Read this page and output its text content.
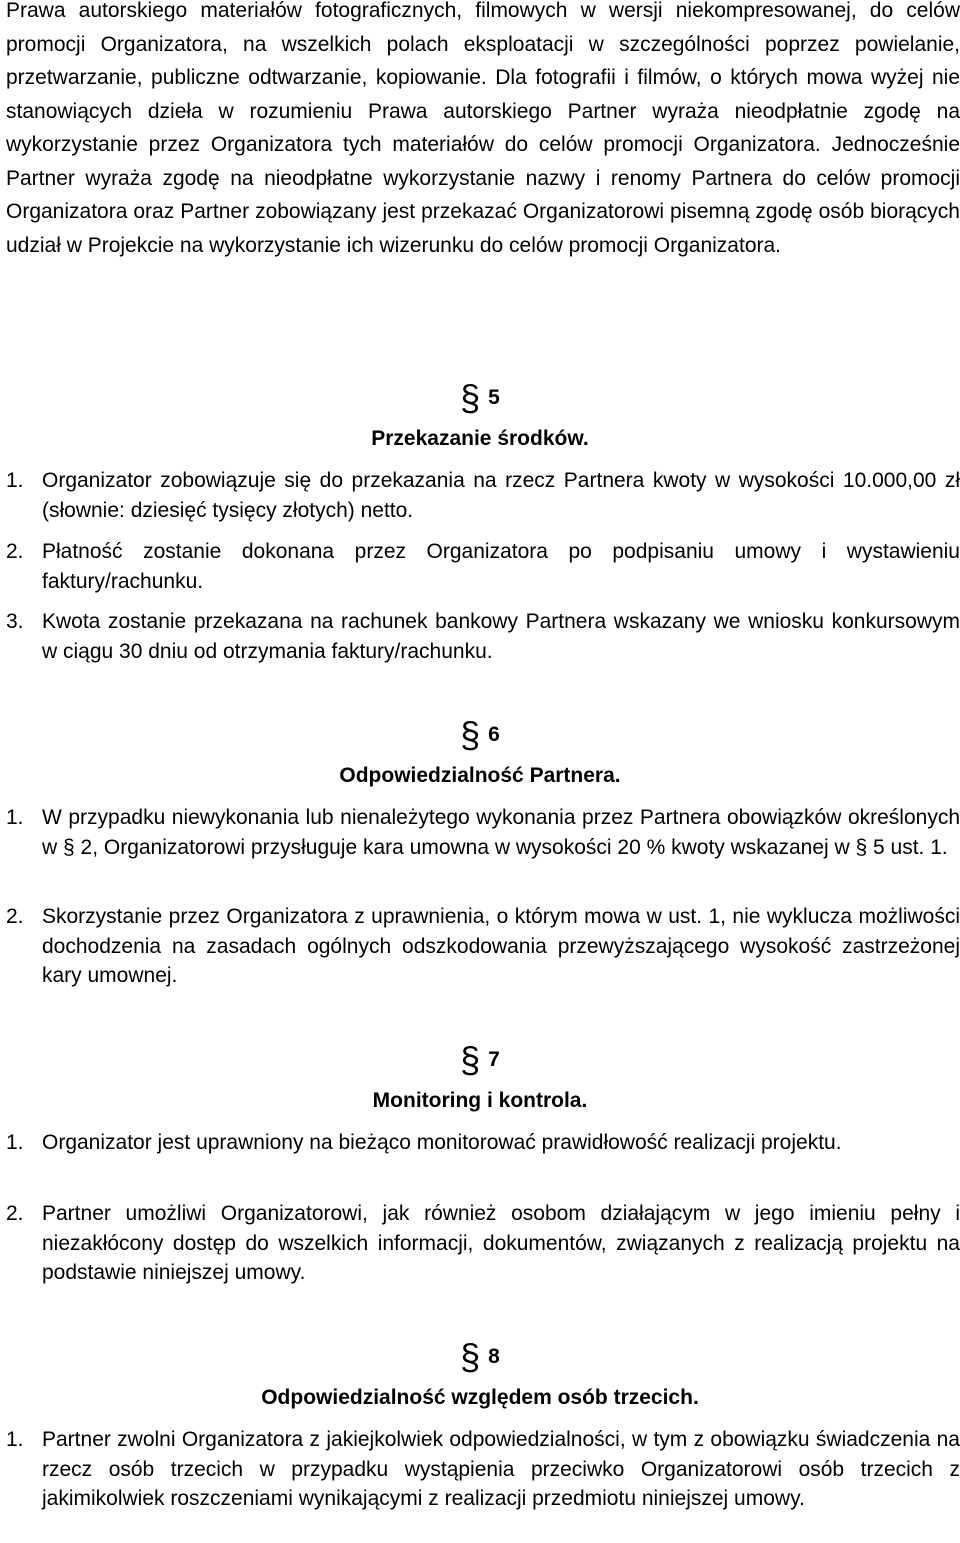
Prawa autorskiego materiałów fotograficznych, filmowych w wersji niekompresowanej, do celów promocji Organizatora, na wszelkich polach eksploatacji w szczególności poprzez powielanie, przetwarzanie, publiczne odtwarzanie, kopiowanie. Dla fotografii i filmów, o których mowa wyżej nie stanowiących dzieła w rozumieniu Prawa autorskiego Partner wyraża nieodpłatnie zgodę na wykorzystanie przez Organizatora tych materiałów do celów promocji Organizatora. Jednocześnie Partner wyraża zgodę na nieodpłatne wykorzystanie nazwy i renomy Partnera do celów promocji Organizatora oraz Partner zobowiązany jest przekazać Organizatorowi pisemną zgodę osób biorących udział w Projekcie na wykorzystanie ich wizerunku do celów promocji Organizatora.

§ 5
Przekazanie środków.
1. Organizator zobowiązuje się do przekazania na rzecz Partnera kwoty w wysokości 10.000,00 zł (słownie: dziesięć tysięcy złotych) netto.
2. Płatność zostanie dokonana przez Organizatora po podpisaniu umowy i wystawieniu faktury/rachunku.
3. Kwota zostanie przekazana na rachunek bankowy Partnera wskazany we wniosku konkursowym w ciągu 30 dniu od otrzymania faktury/rachunku.
§ 6
Odpowiedzialność Partnera.
1. W przypadku niewykonania lub nienależytego wykonania przez Partnera obowiązków określonych w § 2, Organizatorowi przysługuje kara umowna w wysokości 20 % kwoty wskazanej w § 5 ust. 1.
2. Skorzystanie przez Organizatora z uprawnienia, o którym mowa w ust. 1, nie wyklucza możliwości dochodzenia na zasadach ogólnych odszkodowania przewyższającego wysokość zastrzeżonej kary umownej.
§ 7
Monitoring i kontrola.
1. Organizator jest uprawniony na bieżąco monitorować prawidłowość realizacji projektu.
2. Partner umożliwi Organizatorowi, jak również osobom działającym w jego imieniu pełny i niezakłócony dostęp do wszelkich informacji, dokumentów, związanych z realizacją projektu na podstawie niniejszej umowy.
§ 8
Odpowiedzialność względem osób trzecich.
1. Partner zwolni Organizatora z jakiejkolwiek odpowiedzialności, w tym z obowiązku świadczenia na rzecz osób trzecich w przypadku wystąpienia przeciwko Organizatorowi osób trzecich z jakimikolwiek roszczeniami wynikającymi z realizacji przedmiotu niniejszej umowy.
